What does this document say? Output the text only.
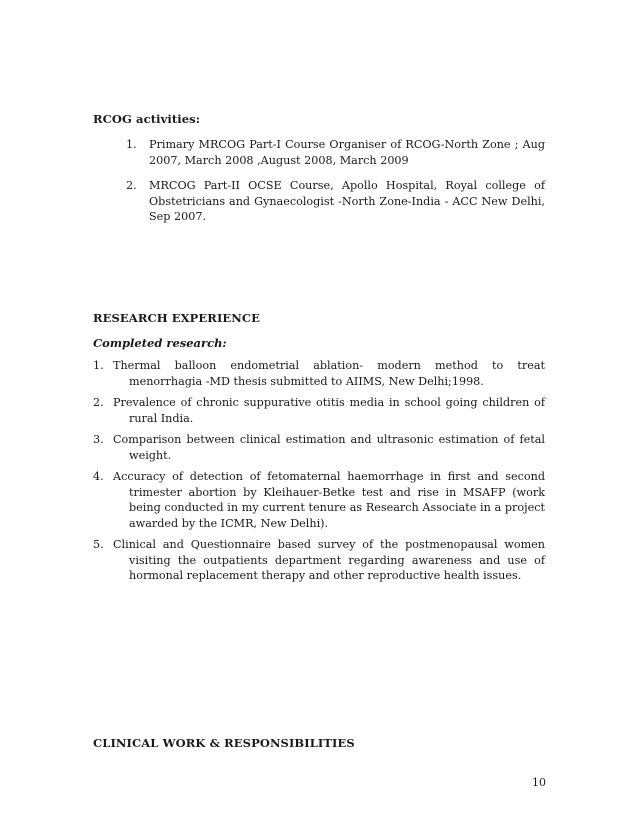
RCOG activities:
1. Primary MRCOG Part-I Course Organiser of RCOG-North Zone ; Aug 2007, March 2008 ,August 2008, March 2009
2. MRCOG Part-II OCSE Course, Apollo Hospital, Royal college of Obstetricians and Gynaecologist -North Zone-India - ACC New Delhi, Sep 2007.
RESEARCH EXPERIENCE
Completed research:
1. Thermal balloon endometrial ablation- modern method to treat menorrhagia -MD thesis submitted to AIIMS, New Delhi;1998.
2. Prevalence of chronic suppurative otitis media in school going children of rural India.
3. Comparison between clinical estimation and ultrasonic estimation of fetal weight.
4. Accuracy of detection of fetomaternal haemorrhage in first and second trimester abortion by Kleihauer-Betke test and rise in MSAFP (work being conducted in my current tenure as Research Associate in a project awarded by the ICMR, New Delhi).
5. Clinical and Questionnaire based survey of the postmenopausal women visiting the outpatients department regarding awareness and use of hormonal replacement therapy and other reproductive health issues.
CLINICAL WORK & RESPONSIBILITIES
10
